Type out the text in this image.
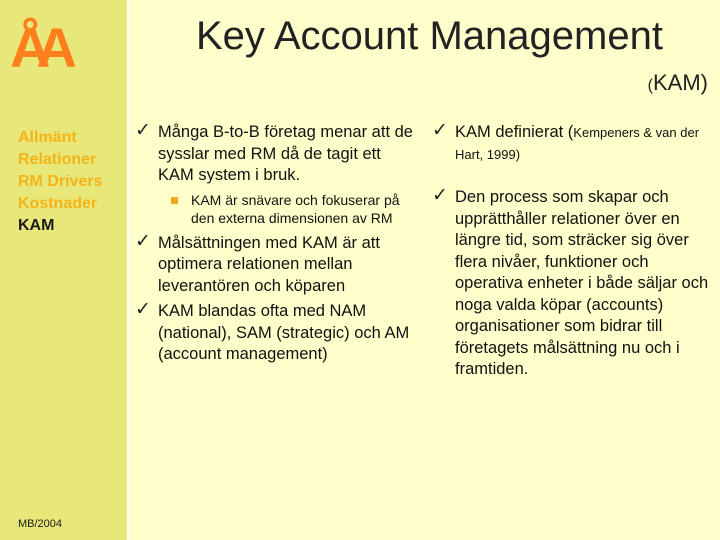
ÅA
Allmänt
Relationer
RM Drivers
Kostnader
KAM
MB/2004
Key Account Management
(KAM)
✓ Många B-to-B företag menar att de sysslar med RM då de tagit ett KAM system i bruk.
KAM är snävare och fokuserar på den externa dimensionen av RM
✓ Målsättningen med KAM är att optimera relationen mellan leverantören och köparen
✓ KAM blandas ofta med NAM (national), SAM (strategic) och AM (account management)
✓ KAM definierat (Kempeners & van der Hart, 1999)
✓ Den process som skapar och upprätthåller relationer över en längre tid, som sträcker sig över flera nivåer, funktioner och operativa enheter i både säljar och noga valda köpar (accounts) organisationer som bidrar till företagets målsättning nu och i framtiden.
